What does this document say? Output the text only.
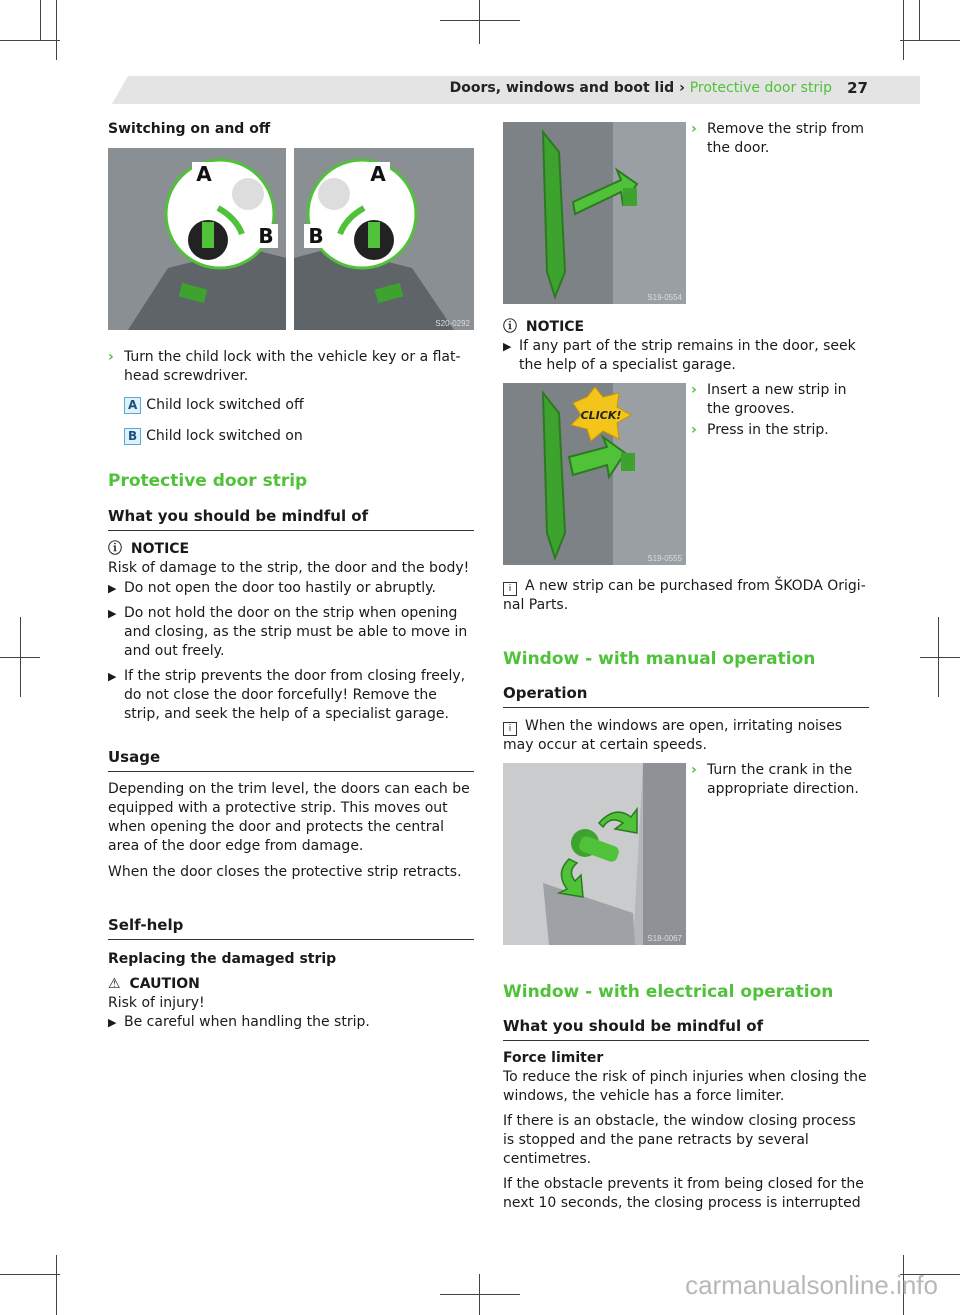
Doors, windows and boot lid › Protective door strip 27
Switching on and off
A
B
A
B
S20-0292
› Turn the child lock with the vehicle key or a flat-head screwdriver.
A Child lock switched off
B Child lock switched on
Protective door strip
What you should be mindful of
ⓘ NOTICE
Risk of damage to the strip, the door and the body!
▶ Do not open the door too hastily or abruptly.
▶ Do not hold the door on the strip when opening and closing, as the strip must be able to move in and out freely.
▶ If the strip prevents the door from closing freely, do not close the door forcefully! Remove the strip, and seek the help of a specialist garage.
Usage
Depending on the trim level, the doors can each be equipped with a protective strip. This moves out when opening the door and protects the central area of the door edge from damage.
When the door closes the protective strip retracts.
Self-help
Replacing the damaged strip
⚠ CAUTION
Risk of injury!
▶ Be careful when handling the strip.
S19-0554
› Remove the strip from the door.
ⓘ NOTICE
▶ If any part of the strip remains in the door, seek the help of a specialist garage.
CLICK!
S19-0555
› Insert a new strip in the grooves.
› Press in the strip.
i A new strip can be purchased from ŠKODA Original Parts.
Window - with manual operation
Operation
i When the windows are open, irritating noises may occur at certain speeds.
S18-0067
› Turn the crank in the appropriate direction.
Window - with electrical operation
What you should be mindful of
Force limiter
To reduce the risk of pinch injuries when closing the windows, the vehicle has a force limiter.
If there is an obstacle, the window closing process is stopped and the pane retracts by several centimetres.
If the obstacle prevents it from being closed for the next 10 seconds, the closing process is interrupted
carmanualsonline.info
